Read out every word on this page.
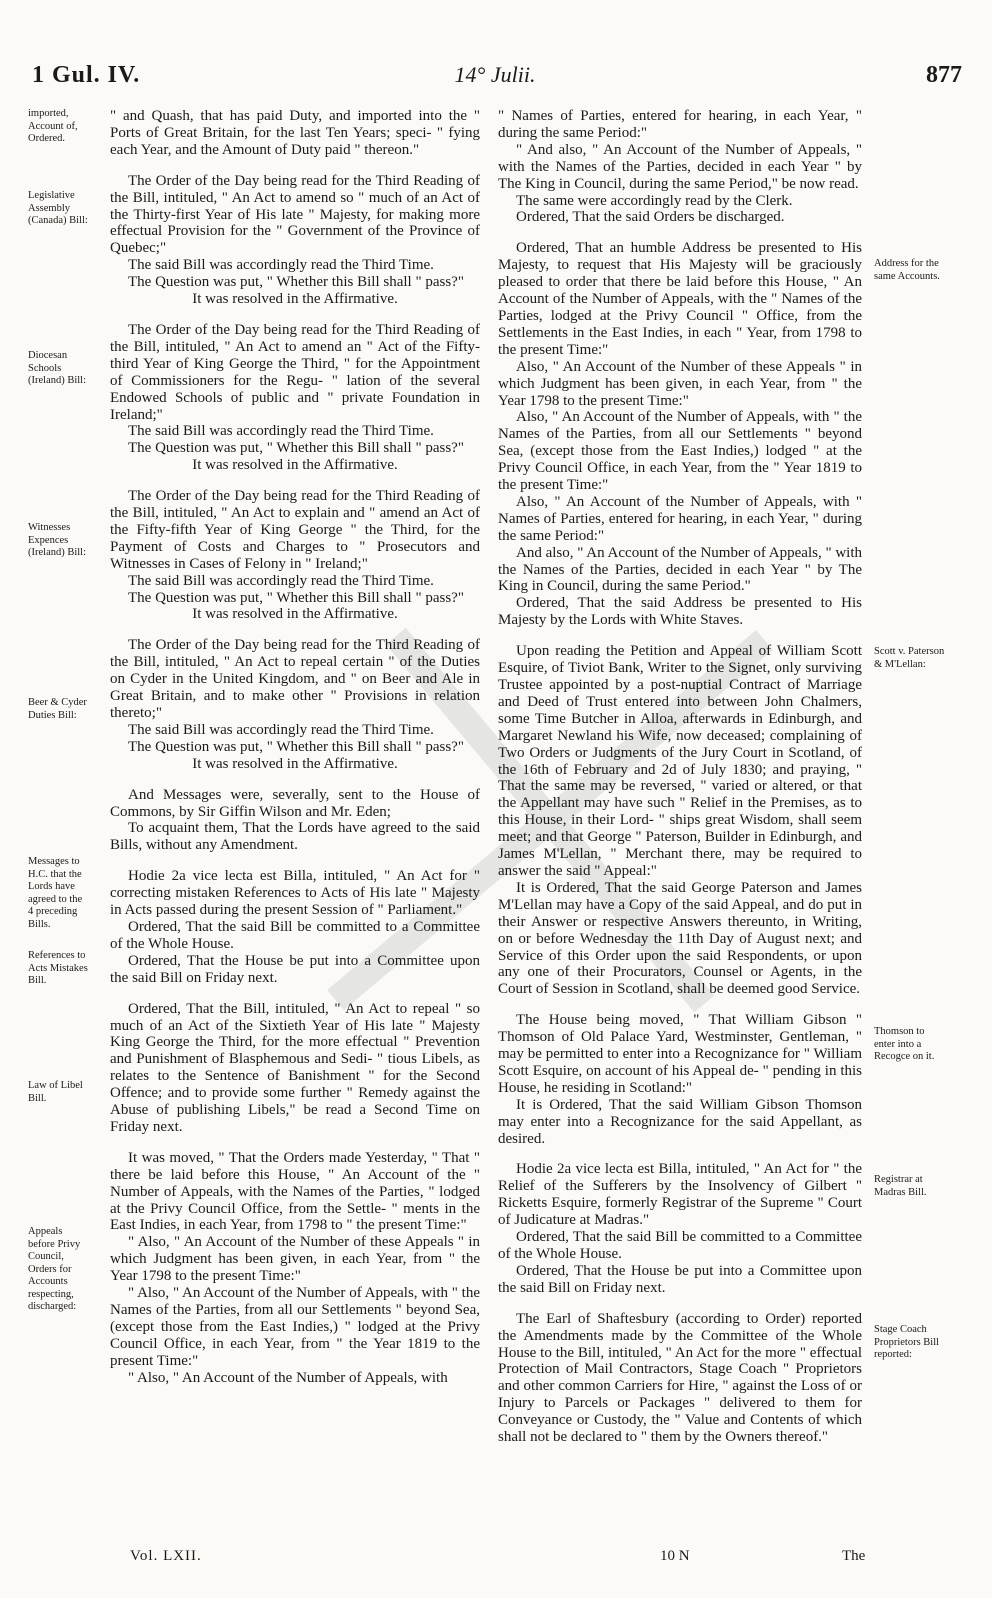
1 Gul. IV.	14° Julii.	877
imported, Account of, Ordered.
Legislative Assembly (Canada) Bill:
Diocesan Schools (Ireland) Bill:
Witnesses Expences (Ireland) Bill:
Beer & Cyder Duties Bill:
Messages to H.C. that the Lords have agreed to the 4 preceding Bills.
References to Acts Mistakes Bill.
Law of Libel Bill.
Appeals before Privy Council, Orders for Accounts respecting, discharged:
Address for the same Accounts.
Scott v. Paterson & M'Lellan:
Thomson to enter into a Recogce on it.
Registrar at Madras Bill.
Stage Coach Proprietors Bill reported:

" and Quash, that has paid Duty, and imported into the " Ports of Great Britain, for the last Ten Years; speci- " fying each Year, and the Amount of Duty paid " thereon."

The Order of the Day being read for the Third Reading of the Bill, intituled, " An Act to amend so " much of an Act of the Thirty-first Year of His late " Majesty, for making more effectual Provision for the " Government of the Province of Quebec;"

The said Bill was accordingly read the Third Time.

The Question was put, " Whether this Bill shall " pass?"

It was resolved in the Affirmative.

The Order of the Day being read for the Third Reading of the Bill, intituled, " An Act to amend an " Act of the Fifty-third Year of King George the Third, " for the Appointment of Commissioners for the Regu- " lation of the several Endowed Schools of public and " private Foundation in Ireland;"

The said Bill was accordingly read the Third Time.

The Question was put, " Whether this Bill shall " pass?"

It was resolved in the Affirmative.

The Order of the Day being read for the Third Reading of the Bill, intituled, " An Act to explain and " amend an Act of the Fifty-fifth Year of King George " the Third, for the Payment of Costs and Charges to " Prosecutors and Witnesses in Cases of Felony in " Ireland;"

The said Bill was accordingly read the Third Time.

The Question was put, " Whether this Bill shall " pass?"

It was resolved in the Affirmative.

The Order of the Day being read for the Third Reading of the Bill, intituled, " An Act to repeal certain " of the Duties on Cyder in the United Kingdom, and " on Beer and Ale in Great Britain, and to make other " Provisions in relation thereto;"

The said Bill was accordingly read the Third Time.

The Question was put, " Whether this Bill shall " pass?"

It was resolved in the Affirmative.

And Messages were, severally, sent to the House of Commons, by Sir Giffin Wilson and Mr. Eden;

To acquaint them, That the Lords have agreed to the said Bills, without any Amendment.

Hodie 2a vice lecta est Billa, intituled, " An Act for " correcting mistaken References to Acts of His late " Majesty in Acts passed during the present Session of " Parliament."

Ordered, That the said Bill be committed to a Committee of the Whole House.

Ordered, That the House be put into a Committee upon the said Bill on Friday next.

Ordered, That the Bill, intituled, " An Act to repeal " so much of an Act of the Sixtieth Year of His late " Majesty King George the Third, for the more effectual " Prevention and Punishment of Blasphemous and Sedi- " tious Libels, as relates to the Sentence of Banishment " for the Second Offence; and to provide some further " Remedy against the Abuse of publishing Libels," be read a Second Time on Friday next.

It was moved, " That the Orders made Yesterday, " That " there be laid before this House, " An Account of the " Number of Appeals, with the Names of the Parties, " lodged at the Privy Council Office, from the Settle- " ments in the East Indies, in each Year, from 1798 to " the present Time:"

" Also, " An Account of the Number of these Appeals " in which Judgment has been given, in each Year, from " the Year 1798 to the present Time:"

" Also, " An Account of the Number of Appeals, with " the Names of the Parties, from all our Settlements " beyond Sea, (except those from the East Indies,) " lodged at the Privy Council Office, in each Year, from " the Year 1819 to the present Time:"

" Also, " An Account of the Number of Appeals, with

" Names of Parties, entered for hearing, in each Year, " during the same Period:"

" And also, " An Account of the Number of Appeals, " with the Names of the Parties, decided in each Year " by The King in Council, during the same Period," be now read.

The same were accordingly read by the Clerk.

Ordered, That the said Orders be discharged.

Ordered, That an humble Address be presented to His Majesty, to request that His Majesty will be graciously pleased to order that there be laid before this House, " An Account of the Number of Appeals, with the " Names of the Parties, lodged at the Privy Council " Office, from the Settlements in the East Indies, in each " Year, from 1798 to the present Time:"

Also, " An Account of the Number of these Appeals " in which Judgment has been given, in each Year, from " the Year 1798 to the present Time:"

Also, " An Account of the Number of Appeals, with " the Names of the Parties, from all our Settlements " beyond Sea, (except those from the East Indies,) lodged " at the Privy Council Office, in each Year, from the " Year 1819 to the present Time:"

Also, " An Account of the Number of Appeals, with " Names of Parties, entered for hearing, in each Year, " during the same Period:"

And also, " An Account of the Number of Appeals, " with the Names of the Parties, decided in each Year " by The King in Council, during the same Period."

Ordered, That the said Address be presented to His Majesty by the Lords with White Staves.

Upon reading the Petition and Appeal of William Scott Esquire, of Tiviot Bank, Writer to the Signet, only surviving Trustee appointed by a post-nuptial Contract of Marriage and Deed of Trust entered into between John Chalmers, some Time Butcher in Alloa, afterwards in Edinburgh, and Margaret Newland his Wife, now deceased; complaining of Two Orders or Judgments of the Jury Court in Scotland, of the 16th of February and 2d of July 1830; and praying, " That the same may be reversed, " varied or altered, or that the Appellant may have such " Relief in the Premises, as to this House, in their Lord- " ships great Wisdom, shall seem meet; and that George " Paterson, Builder in Edinburgh, and James M'Lellan, " Merchant there, may be required to answer the said " Appeal:"

It is Ordered, That the said George Paterson and James M'Lellan may have a Copy of the said Appeal, and do put in their Answer or respective Answers thereunto, in Writing, on or before Wednesday the 11th Day of August next; and Service of this Order upon the said Respondents, or upon any one of their Procurators, Counsel or Agents, in the Court of Session in Scotland, shall be deemed good Service.

The House being moved, " That William Gibson " Thomson of Old Palace Yard, Westminster, Gentleman, " may be permitted to enter into a Recognizance for " William Scott Esquire, on account of his Appeal de- " pending in this House, he residing in Scotland:"

It is Ordered, That the said William Gibson Thomson may enter into a Recognizance for the said Appellant, as desired.

Hodie 2a vice lecta est Billa, intituled, " An Act for " the Relief of the Sufferers by the Insolvency of Gilbert " Ricketts Esquire, formerly Registrar of the Supreme " Court of Judicature at Madras."

Ordered, That the said Bill be committed to a Committee of the Whole House.

Ordered, That the House be put into a Committee upon the said Bill on Friday next.

The Earl of Shaftesbury (according to Order) reported the Amendments made by the Committee of the Whole House to the Bill, intituled, " An Act for the more " effectual Protection of Mail Contractors, Stage Coach " Proprietors and other common Carriers for Hire, " against the Loss of or Injury to Parcels or Packages " delivered to them for Conveyance or Custody, the " Value and Contents of which shall not be declared to " them by the Owners thereof."

Vol. LXII.	10 N	The
